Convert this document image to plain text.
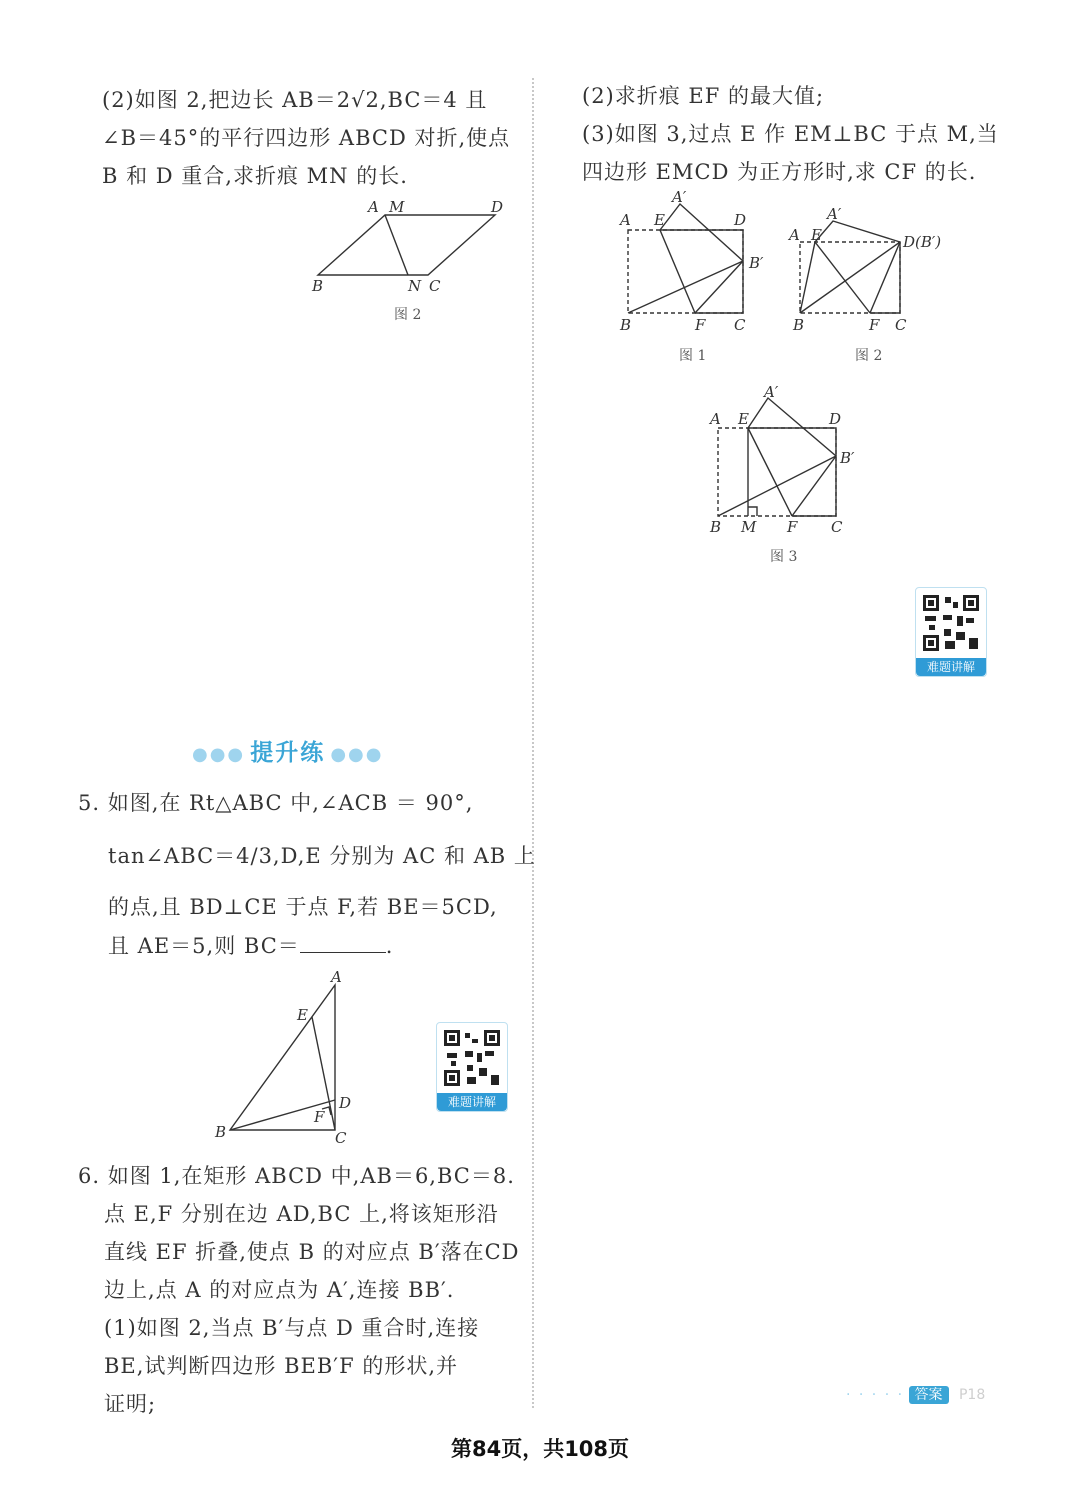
(2)如图 2,把边长 AB＝2√2,BC＝4 且
∠B＝45°的平行四边形 ABCD 对折,使点
B 和 D 重合,求折痕 MN 的长.
A M	D
B	N C
图 2
●●● 提升练 ●●●
5. 如图,在 Rt△ABC 中,∠ACB ＝ 90°,
tan∠ABC＝4/3,D,E 分别为 AC 和 AB 上
的点,且 BD⊥CE 于点 F,若 BE＝5CD,
且 AE＝5,则 BC＝	.
A
E
D
F
B	C
难题讲解
6. 如图 1,在矩形 ABCD 中,AB＝6,BC＝8.
点 E,F 分别在边 AD,BC 上,将该矩形沿
直线 EF 折叠,使点 B 的对应点 B′落在CD
边上,点 A 的对应点为 A′,连接 BB′.
(1)如图 2,当点 B′与点 D 重合时,连接
BE,试判断四边形 BEB′F 的形状,并
证明;
(2)求折痕 EF 的最大值;
(3)如图 3,过点 E 作 EM⊥BC 于点 M,当
四边形 EMCD 为正方形时,求 CF 的长.
A′
A E	D
B′
B	F C
图 1
A′
A E	D(B′)
B	F C
图 2
A′
A E	D
B′
B M F C
图 3
难题讲解
· · · · · 答案 P18
第84页，共108页
